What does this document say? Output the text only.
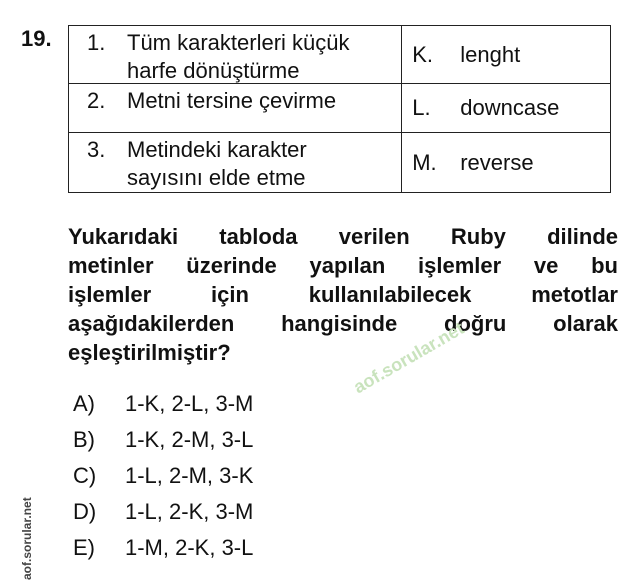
19. 1. Tüm karakterleri küçük
harfe dönüştürme	K. lenght

2. Metni tersine çevirme	L. downcase

3. Metindeki karakter
sayısını elde etme	M. reverse
Yukarıdaki tabloda verilen Ruby dilinde
metinler üzerinde yapılan işlemler ve bu
işlemler için kullanılabilecek metotlar
aşağıdakilerden hangisinde doğru olarak
eşleştirilmiştir?
A) 1-K, 2-L, 3-M
B) 1-K, 2-M, 3-L
C) 1-L, 2-M, 3-K
D) 1-L, 2-K, 3-M
E) 1-M, 2-K, 3-L
aof.sorular.net
aof.sorular.net
